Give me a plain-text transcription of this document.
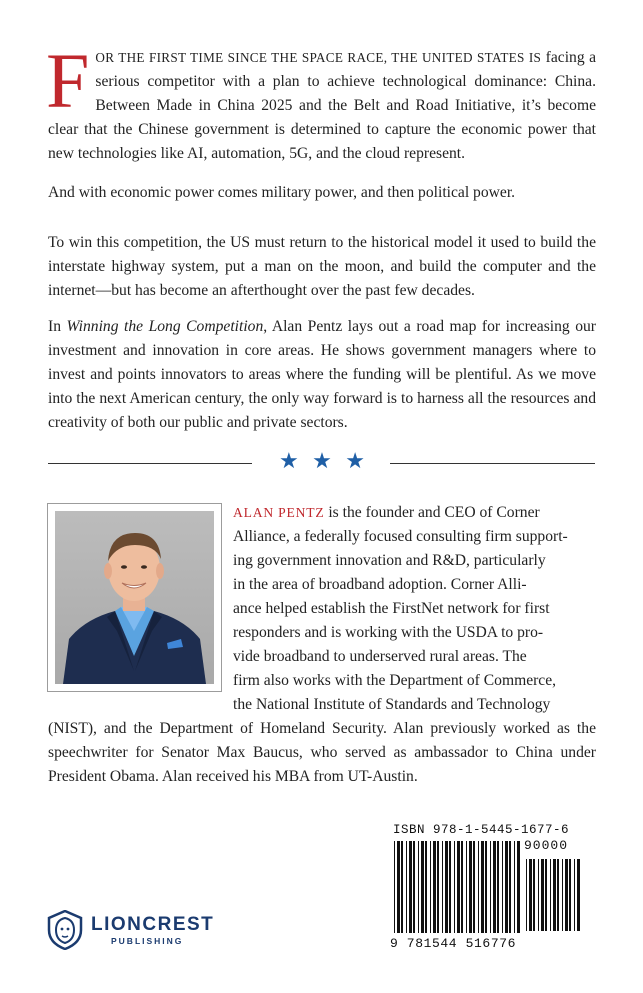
FOR THE FIRST TIME SINCE THE SPACE RACE, THE UNITED STATES IS facing a serious competitor with a plan to achieve technological dominance: China. Between Made in China 2025 and the Belt and Road Initiative, it’s become clear that the Chinese government is determined to capture the economic power that new technologies like AI, automation, 5G, and the cloud represent.

And with economic power comes military power, and then political power.

To win this competition, the US must return to the historical model it used to build the interstate highway system, put a man on the moon, and build the computer and the internet—but has become an afterthought over the past few decades.

In Winning the Long Competition, Alan Pentz lays out a road map for increasing our investment and innovation in core areas. He shows government managers where to invest and points innovators to areas where the funding will be plentiful. As we move into the next American century, the only way forward is to harness all the resources and creativity of both our public and private sectors.

★ ★ ★

ALAN PENTZ is the founder and CEO of Corner
Alliance, a federally focused consulting firm support-
ing government innovation and R&D, particularly
in the area of broadband adoption. Corner Alli-
ance helped establish the FirstNet network for first
responders and is working with the USDA to pro-
vide broadband to underserved rural areas. The
firm also works with the Department of Commerce,
the National Institute of Standards and Technology
(NIST), and the Department of Homeland Security. Alan previously worked as the speechwriter for Senator Max Baucus, who served as ambassador to China under President Obama. Alan received his MBA from UT-Austin.

LIONCREST
PUBLISHING
ISBN 978-1-5445-1677-6
90000
9 781544 516776
